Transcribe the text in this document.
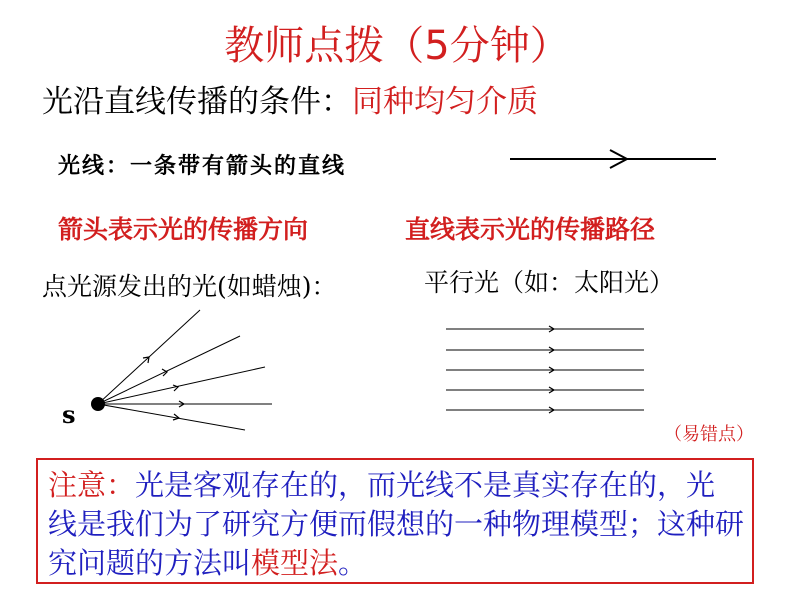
教师点拨（5分钟）
光沿直线传播的条件：同种均匀介质
光线：一条带有箭头的直线
箭头表示光的传播方向	直线表示光的传播路径
点光源发出的光(如蜡烛)：	平行光（如：太阳光）
s
（易错点）
注意：光是客观存在的，而光线不是真实存在的，光线是我们为了研究方便而假想的一种物理模型；这种研究问题的方法叫模型法。
